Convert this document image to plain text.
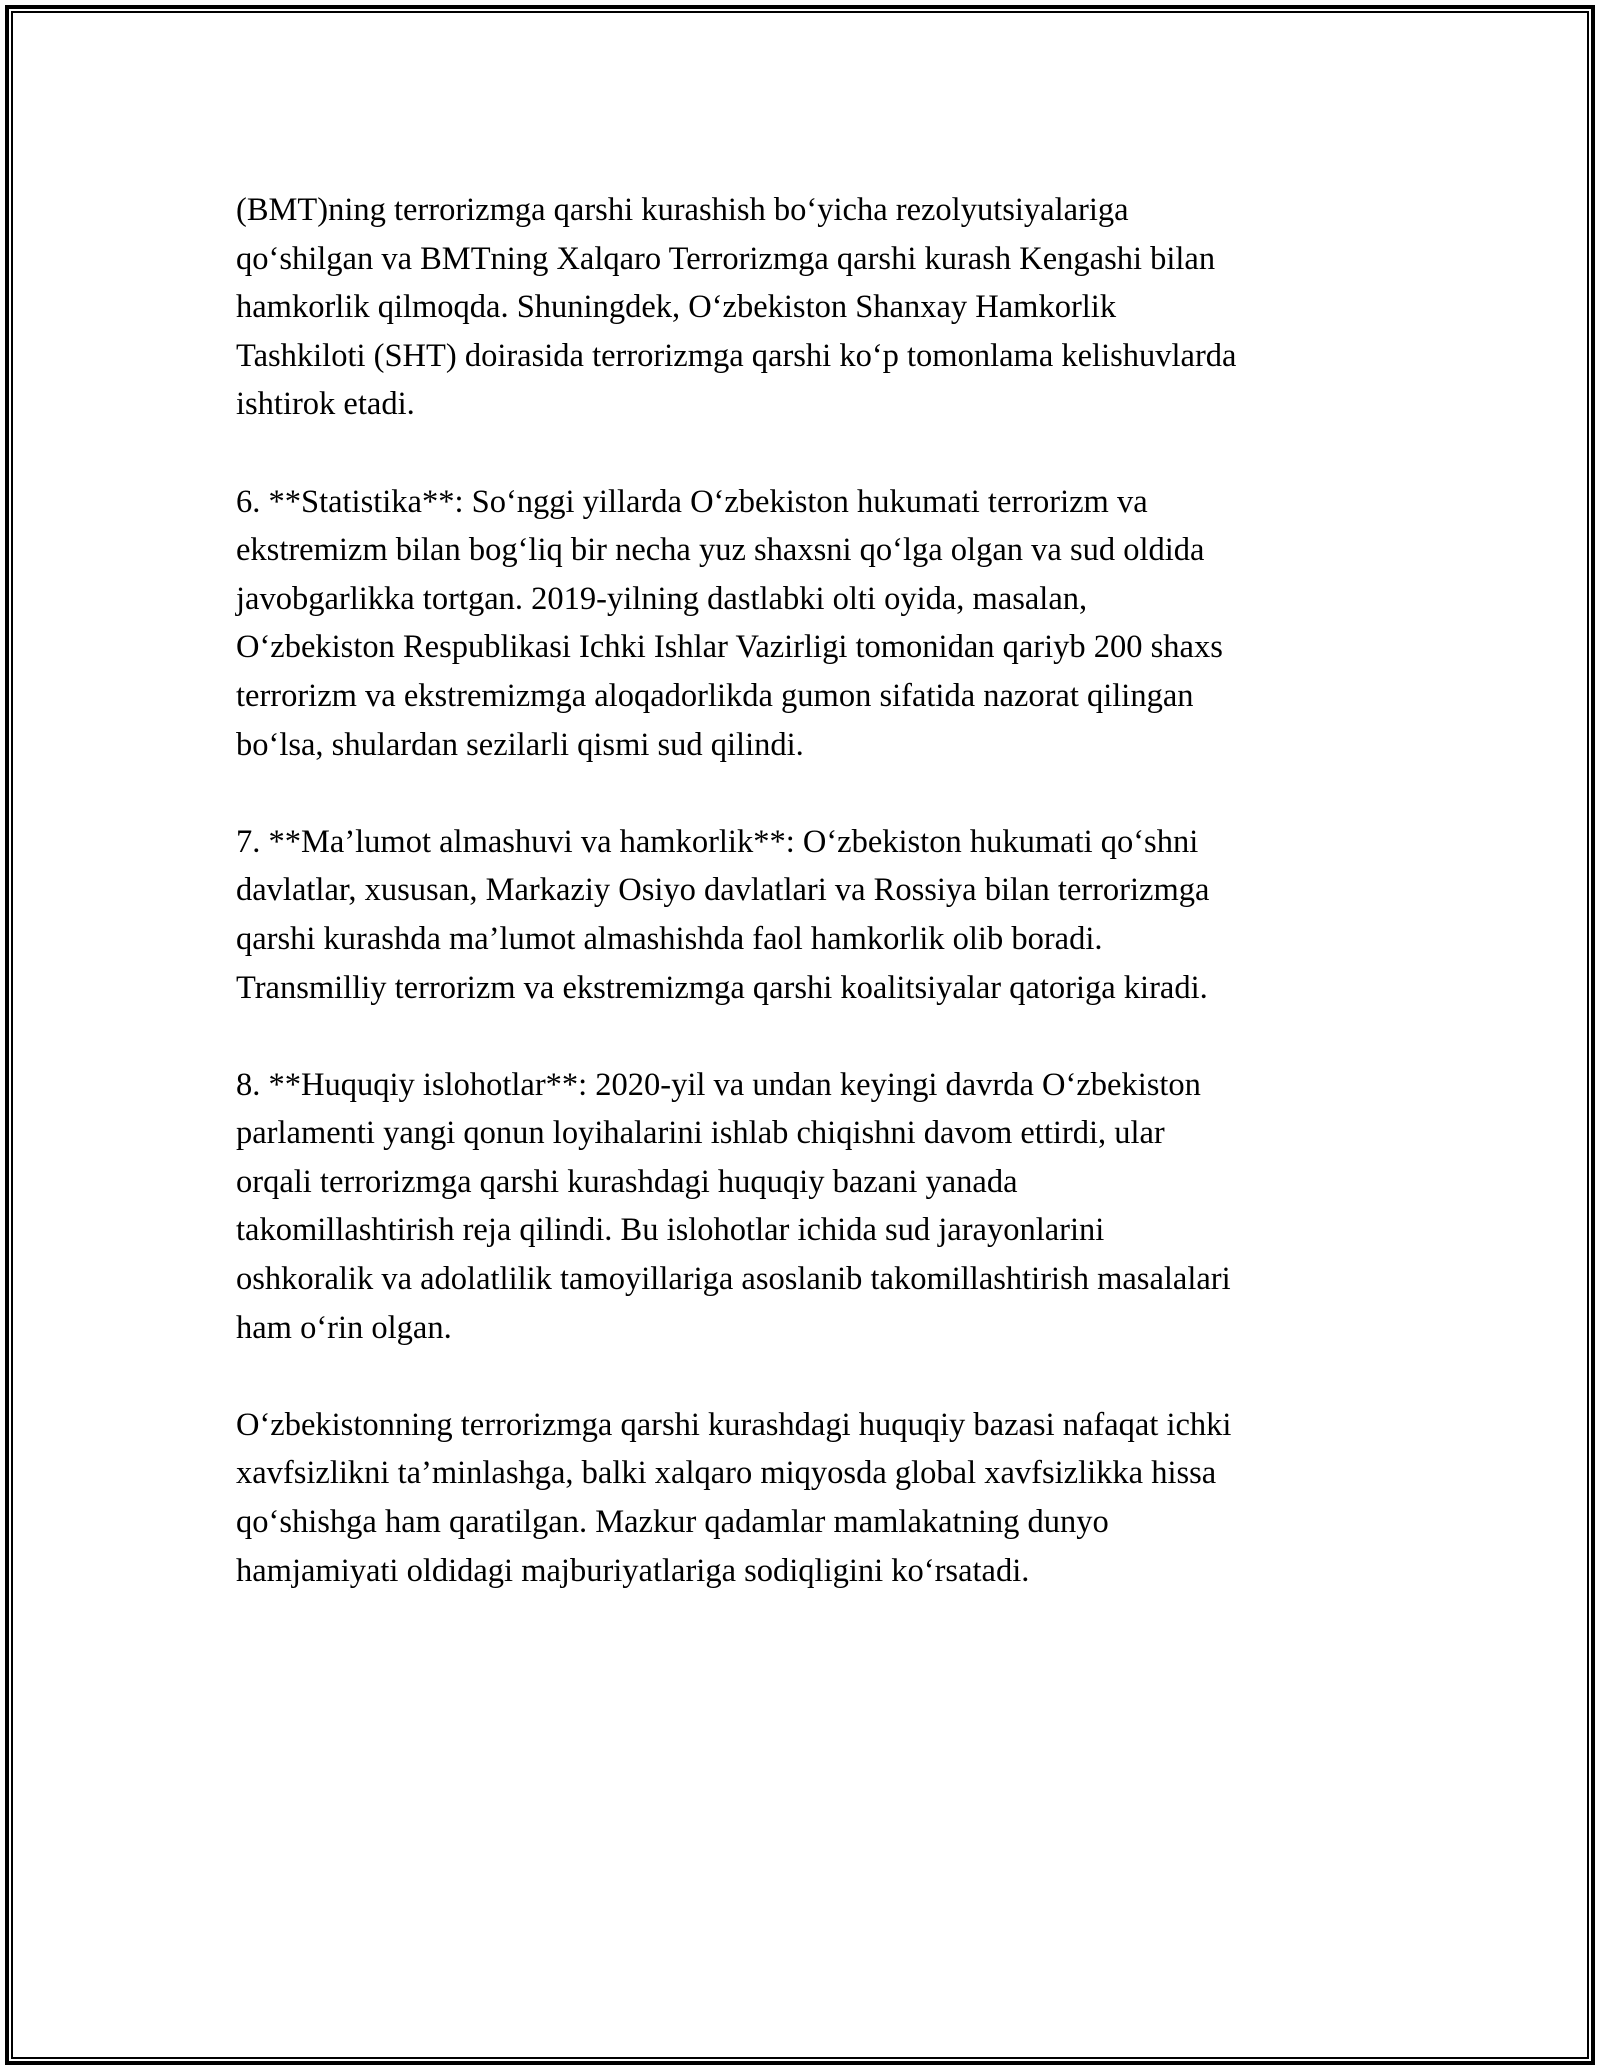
(BMT)ning terrorizmga qarshi kurashish bo‘yicha rezolyutsiyalariga
qo‘shilgan va BMTning Xalqaro Terrorizmga qarshi kurash Kengashi bilan
hamkorlik qilmoqda. Shuningdek, O‘zbekiston Shanxay Hamkorlik
Tashkiloti (SHT) doirasida terrorizmga qarshi ko‘p tomonlama kelishuvlarda
ishtirok etadi.

6. **Statistika**: So‘nggi yillarda O‘zbekiston hukumati terrorizm va
ekstremizm bilan bog‘liq bir necha yuz shaxsni qo‘lga olgan va sud oldida
javobgarlikka tortgan. 2019-yilning dastlabki olti oyida, masalan,
O‘zbekiston Respublikasi Ichki Ishlar Vazirligi tomonidan qariyb 200 shaxs
terrorizm va ekstremizmga aloqadorlikda gumon sifatida nazorat qilingan
bo‘lsa, shulardan sezilarli qismi sud qilindi.

7. **Ma’lumot almashuvi va hamkorlik**: O‘zbekiston hukumati qo‘shni
davlatlar, xususan, Markaziy Osiyo davlatlari va Rossiya bilan terrorizmga
qarshi kurashda ma’lumot almashishda faol hamkorlik olib boradi.
Transmilliy terrorizm va ekstremizmga qarshi koalitsiyalar qatoriga kiradi.

8. **Huquqiy islohotlar**: 2020-yil va undan keyingi davrda O‘zbekiston
parlamenti yangi qonun loyihalarini ishlab chiqishni davom ettirdi, ular
orqali terrorizmga qarshi kurashdagi huquqiy bazani yanada
takomillashtirish reja qilindi. Bu islohotlar ichida sud jarayonlarini
oshkoralik va adolatlilik tamoyillariga asoslanib takomillashtirish masalalari
ham o‘rin olgan.

O‘zbekistonning terrorizmga qarshi kurashdagi huquqiy bazasi nafaqat ichki
xavfsizlikni ta’minlashga, balki xalqaro miqyosda global xavfsizlikka hissa
qo‘shishga ham qaratilgan. Mazkur qadamlar mamlakatning dunyo
hamjamiyati oldidagi majburiyatlariga sodiqligini ko‘rsatadi.
